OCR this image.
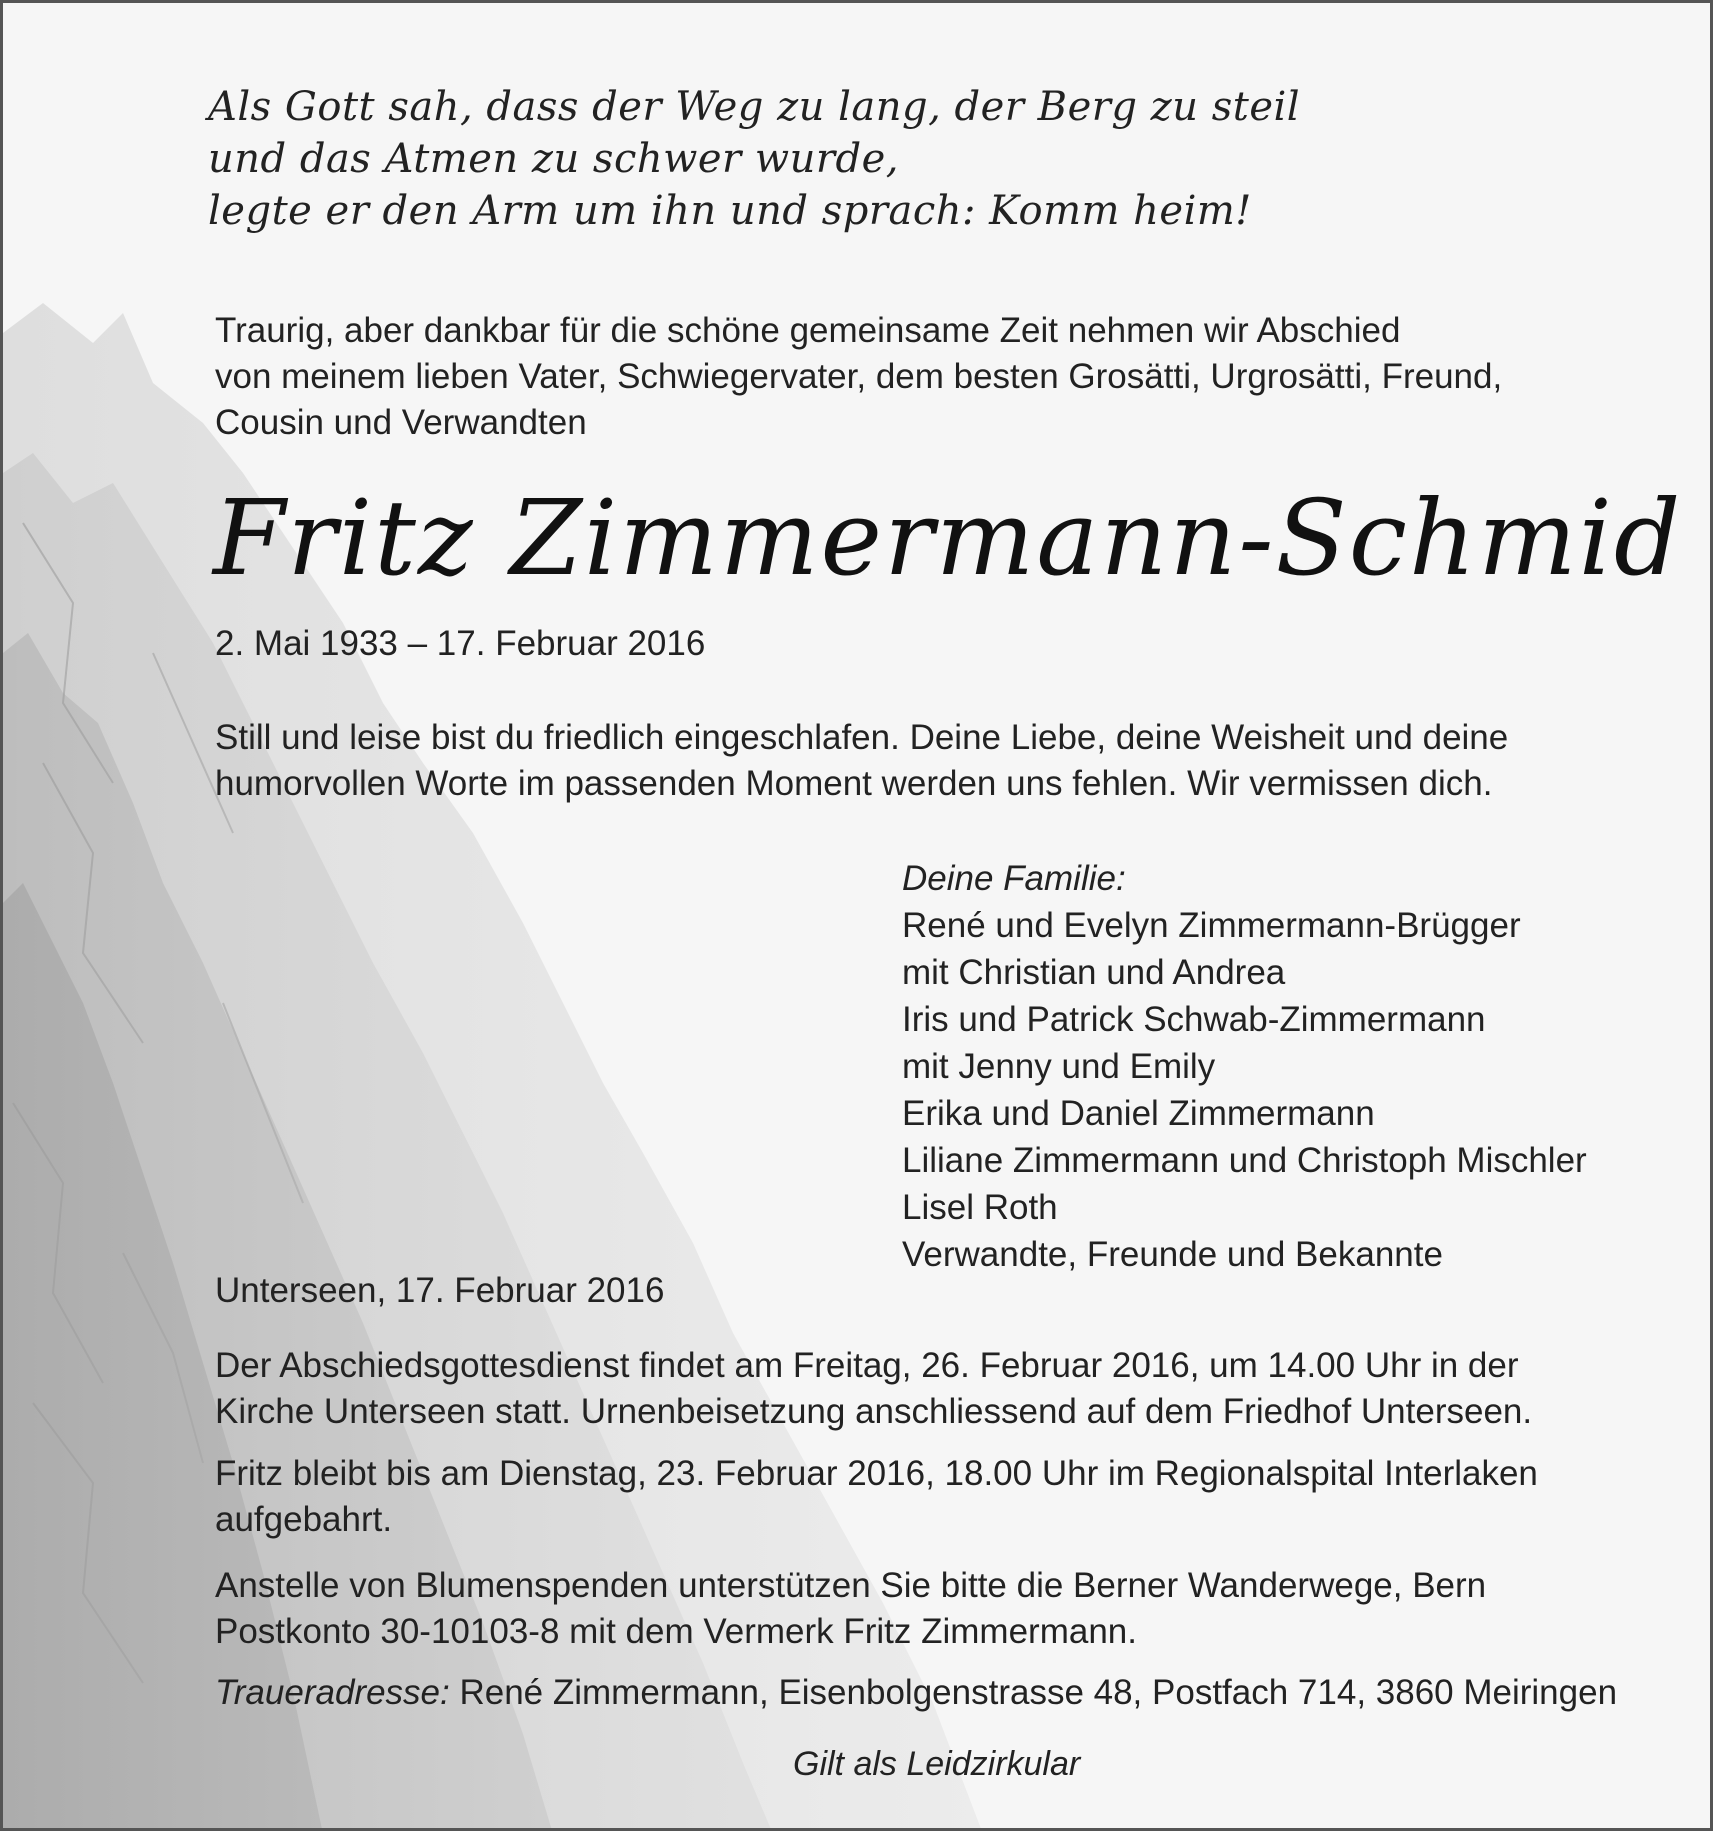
Als Gott sah, dass der Weg zu lang, der Berg zu steil
und das Atmen zu schwer wurde,
legte er den Arm um ihn und sprach: Komm heim!
Traurig, aber dankbar für die schöne gemeinsame Zeit nehmen wir Abschied
von meinem lieben Vater, Schwiegervater, dem besten Grosätti, Urgrosätti, Freund,
Cousin und Verwandten
Fritz Zimmermann-Schmid
2. Mai 1933 – 17. Februar 2016
Still und leise bist du friedlich eingeschlafen. Deine Liebe, deine Weisheit und deine
humorvollen Worte im passenden Moment werden uns fehlen. Wir vermissen dich.
Deine Familie:
René und Evelyn Zimmermann-Brügger
mit Christian und Andrea
Iris und Patrick Schwab-Zimmermann
mit Jenny und Emily
Erika und Daniel Zimmermann
Liliane Zimmermann und Christoph Mischler
Lisel Roth
Verwandte, Freunde und Bekannte
Unterseen, 17. Februar 2016
Der Abschiedsgottesdienst findet am Freitag, 26. Februar 2016, um 14.00 Uhr in der
Kirche Unterseen statt. Urnenbeisetzung anschliessend auf dem Friedhof Unterseen.
Fritz bleibt bis am Dienstag, 23. Februar 2016, 18.00 Uhr im Regionalspital Interlaken
aufgebahrt.
Anstelle von Blumenspenden unterstützen Sie bitte die Berner Wanderwege, Bern
Postkonto 30-10103-8 mit dem Vermerk Fritz Zimmermann.
Traueradresse: René Zimmermann, Eisenbolgenstrasse 48, Postfach 714, 3860 Meiringen
Gilt als Leidzirkular
